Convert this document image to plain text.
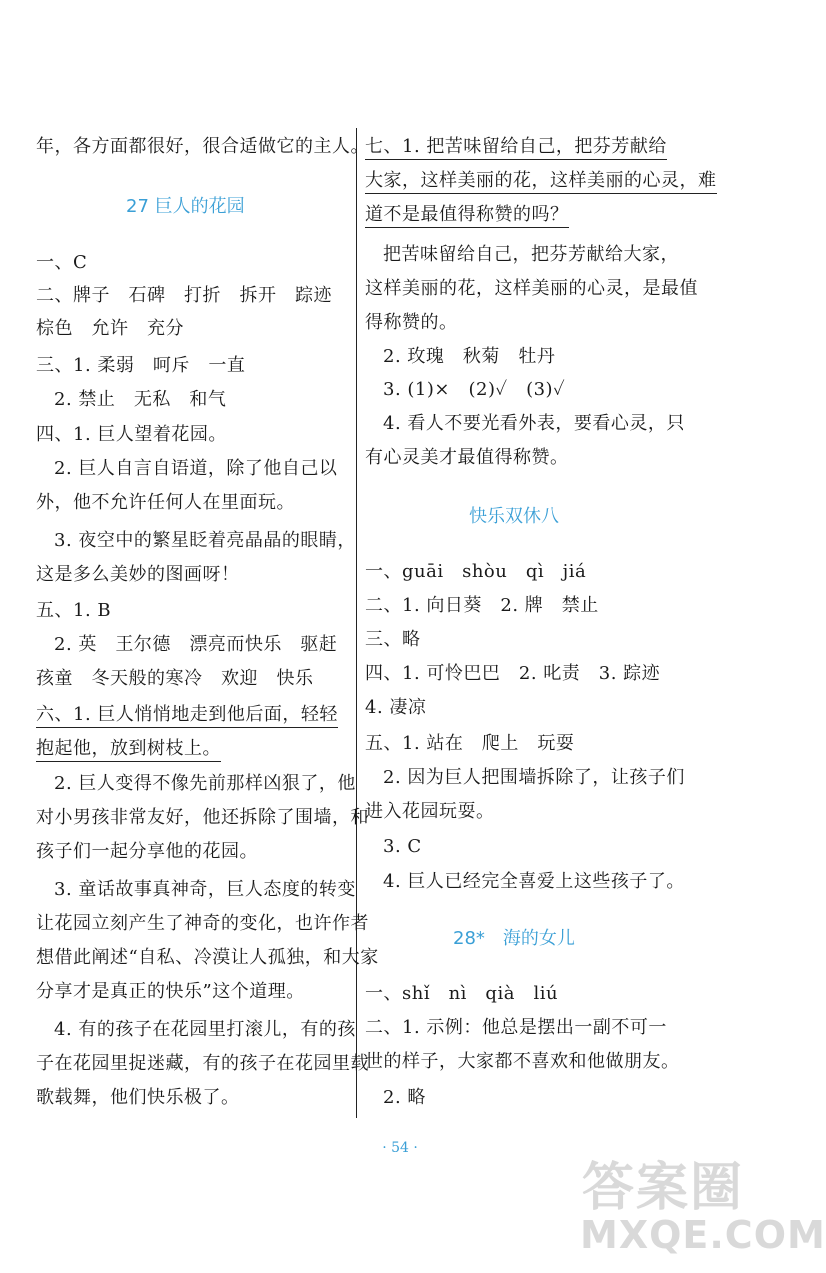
年，各方面都很好，很合适做它的主人。
27 巨人的花园
一、C
二、牌子　石碑　打折　拆开　踪迹
棕色　允许　充分
三、1. 柔弱　呵斥　一直
2. 禁止　无私　和气
四、1. 巨人望着花园。
2. 巨人自言自语道，除了他自己以
外，他不允许任何人在里面玩。
3. 夜空中的繁星眨着亮晶晶的眼睛，
这是多么美妙的图画呀！
五、1. B
2. 英　王尔德　漂亮而快乐　驱赶
孩童　冬天般的寒冷　欢迎　快乐
六、1. 巨人悄悄地走到他后面，轻轻
抱起他，放到树枝上。
2. 巨人变得不像先前那样凶狠了，他
对小男孩非常友好，他还拆除了围墙，和
孩子们一起分享他的花园。
3. 童话故事真神奇，巨人态度的转变
让花园立刻产生了神奇的变化，也许作者
想借此阐述“自私、冷漠让人孤独，和大家
分享才是真正的快乐”这个道理。
4. 有的孩子在花园里打滚儿，有的孩
子在花园里捉迷藏，有的孩子在花园里载
歌载舞，他们快乐极了。
七、1. 把苦味留给自己，把芬芳献给
大家，这样美丽的花，这样美丽的心灵，难
道不是最值得称赞的吗？
把苦味留给自己，把芬芳献给大家，
这样美丽的花，这样美丽的心灵，是最值
得称赞的。
2. 玫瑰　秋菊　牡丹
3. (1)×　(2)✓　(3)✓
4. 看人不要光看外表，要看心灵，只
有心灵美才最值得称赞。
快乐双休八
一、guāi　shòu　qì　jiá
二、1. 向日葵　2. 牌　禁止
三、略
四、1. 可怜巴巴　2. 叱责　3. 踪迹
4. 凄凉
五、1. 站在　爬上　玩耍
2. 因为巨人把围墙拆除了，让孩子们
进入花园玩耍。
3. C
4. 巨人已经完全喜爱上这些孩子了。
28*　海的女儿
一、shǐ　nì　qià　liú
二、1. 示例：他总是摆出一副不可一
世的样子，大家都不喜欢和他做朋友。
2. 略
· 54 ·
答案圈
MXQE.COM
